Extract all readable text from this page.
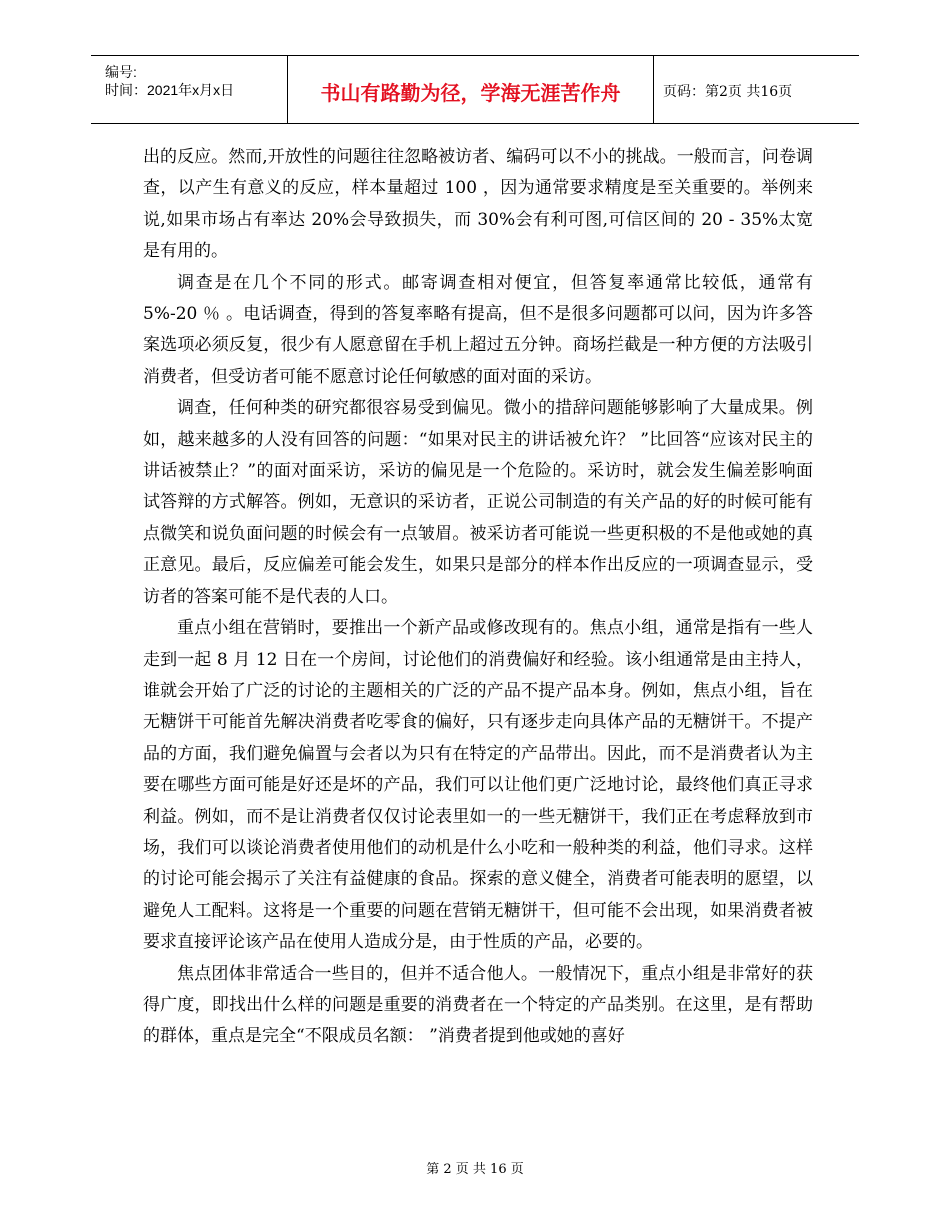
编号:
时间：2021年x月x日	书山有路勤为径，学海无涯苦作舟	页码：第2页 共16页

出的反应。然而,开放性的问题往往忽略被访者、编码可以不小的挑战。一般而言，问卷调查，以产生有意义的反应，样本量超过 100 ，因为通常要求精度是至关重要的。举例来说,如果市场占有率达 20%会导致损失，而 30%会有利可图,可信区间的 20 - 35%太宽是有用的。

调查是在几个不同的形式。邮寄调查相对便宜，但答复率通常比较低，通常有 5%-20 ％ 。电话调查，得到的答复率略有提高，但不是很多问题都可以问，因为许多答案选项必须反复，很少有人愿意留在手机上超过五分钟。商场拦截是一种方便的方法吸引消费者，但受访者可能不愿意讨论任何敏感的面对面的采访。

调查，任何种类的研究都很容易受到偏见。微小的措辞问题能够影响了大量成果。例如，越来越多的人没有回答的问题：“如果对民主的讲话被允许？ ”比回答“应该对民主的讲话被禁止？”的面对面采访，采访的偏见是一个危险的。采访时，就会发生偏差影响面试答辩的方式解答。例如，无意识的采访者，正说公司制造的有关产品的好的时候可能有点微笑和说负面问题的时候会有一点皱眉。被采访者可能说一些更积极的不是他或她的真正意见。最后，反应偏差可能会发生，如果只是部分的样本作出反应的一项调查显示，受访者的答案可能不是代表的人口。

重点小组在营销时，要推出一个新产品或修改现有的。焦点小组，通常是指有一些人走到一起 8 月 12 日在一个房间，讨论他们的消费偏好和经验。该小组通常是由主持人，谁就会开始了广泛的讨论的主题相关的广泛的产品不提产品本身。例如，焦点小组，旨在无糖饼干可能首先解决消费者吃零食的偏好，只有逐步走向具体产品的无糖饼干。不提产品的方面，我们避免偏置与会者以为只有在特定的产品带出。因此，而不是消费者认为主要在哪些方面可能是好还是坏的产品，我们可以让他们更广泛地讨论，最终他们真正寻求利益。例如，而不是让消费者仅仅讨论表里如一的一些无糖饼干，我们正在考虑释放到市场，我们可以谈论消费者使用他们的动机是什么小吃和一般种类的利益，他们寻求。这样的讨论可能会揭示了关注有益健康的食品。探索的意义健全，消费者可能表明的愿望，以避免人工配料。这将是一个重要的问题在营销无糖饼干，但可能不会出现，如果消费者被要求直接评论该产品在使用人造成分是，由于性质的产品，必要的。

焦点团体非常适合一些目的，但并不适合他人。一般情况下，重点小组是非常好的获得广度，即找出什么样的问题是重要的消费者在一个特定的产品类别。在这里，是有帮助的群体，重点是完全“不限成员名额： ”消费者提到他或她的喜好

第 2 页 共 16 页
